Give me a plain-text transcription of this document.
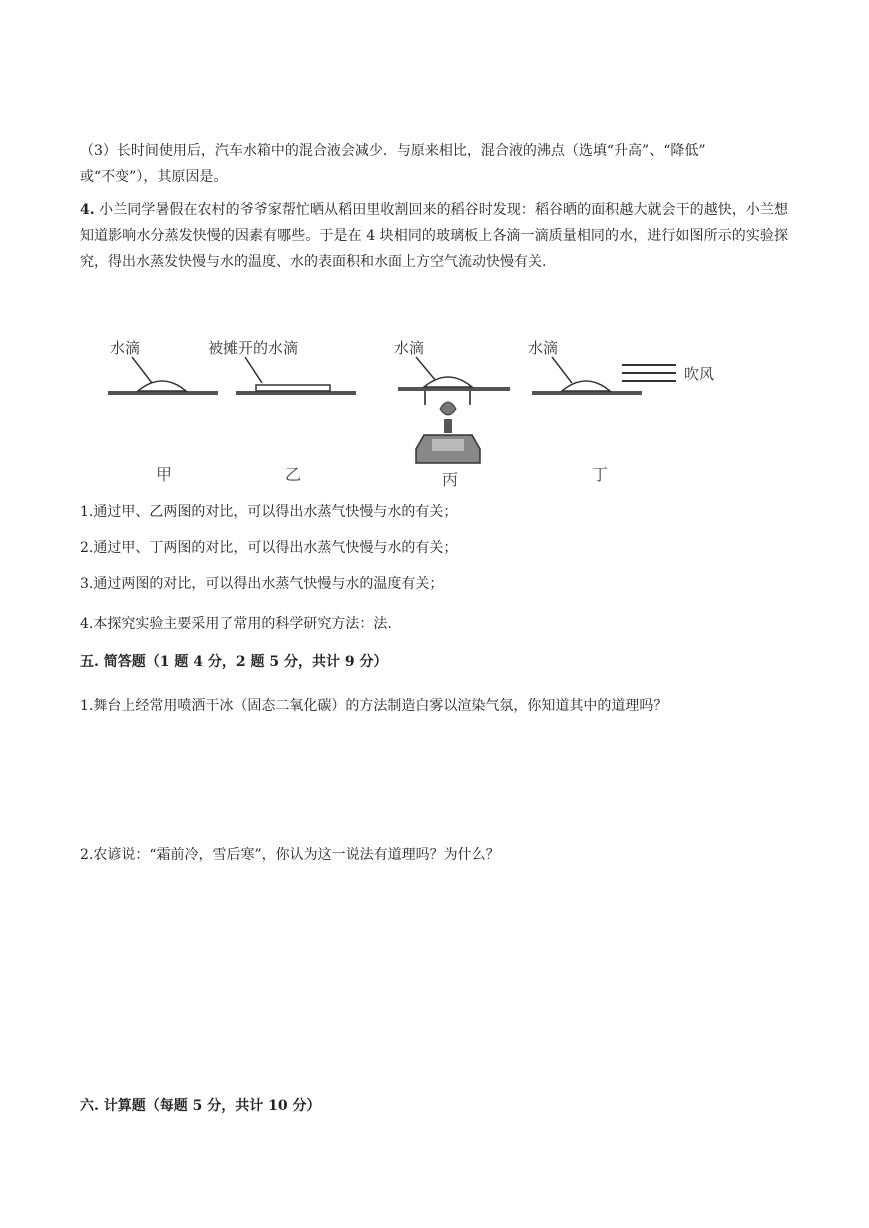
（3）长时间使用后，汽车水箱中的混合液会减少．与原来相比，混合液的沸点（选填“升高”、“降低”

或“不变”），其原因是。

4. 小兰同学暑假在农村的爷爷家帮忙晒从稻田里收割回来的稻谷时发现：稻谷晒的面积越大就会干的越快，小兰想知道影响水分蒸发快慢的因素有哪些。于是在 4 块相同的玻璃板上各滴一滴质量相同的水，进行如图所示的实验探究，得出水蒸发快慢与水的温度、水的表面积和水面上方空气流动快慢有关.

水滴
甲
被摊开的水滴
乙
水滴
丙
水滴
吹风
丁

1.通过甲、乙两图的对比，可以得出水蒸气快慢与水的有关；

2.通过甲、丁两图的对比，可以得出水蒸气快慢与水的有关；

3.通过两图的对比，可以得出水蒸气快慢与水的温度有关；

4.本探究实验主要采用了常用的科学研究方法：法.

五. 简答题（1 题 4 分，2 题 5 分，共计 9 分）

1.舞台上经常用喷洒干冰（固态二氧化碳）的方法制造白雾以渲染气氛，你知道其中的道理吗？

2.农谚说：“霜前冷，雪后寒”，你认为这一说法有道理吗？为什么？

六. 计算题（每题 5 分，共计 10 分）
